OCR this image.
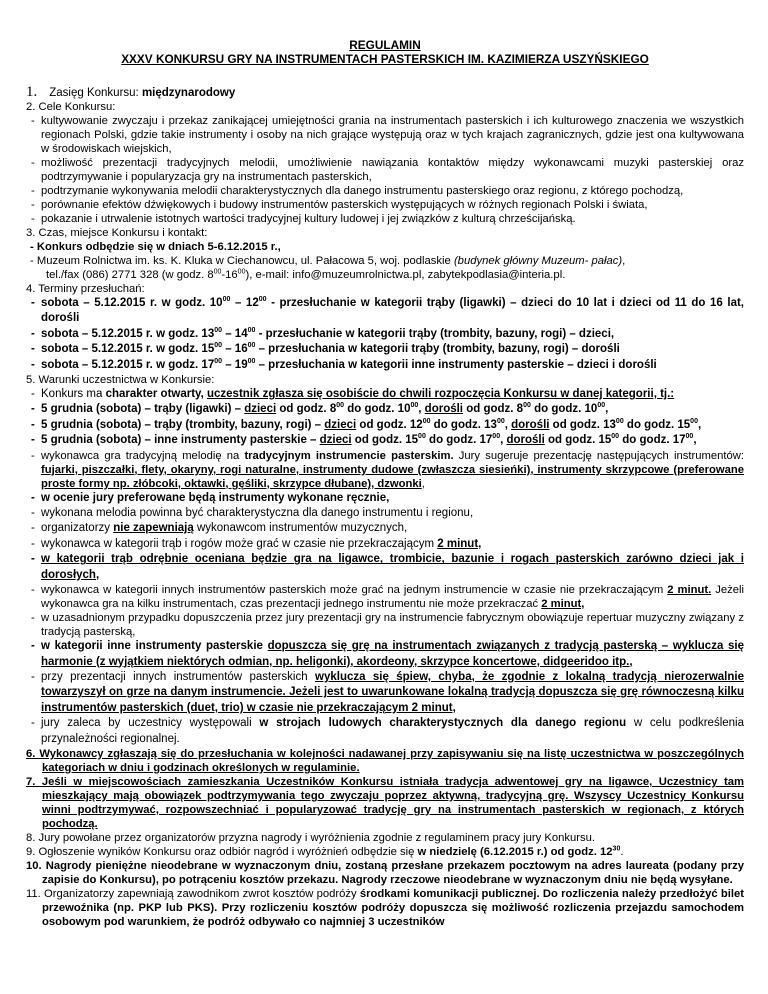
REGULAMIN
XXXV KONKURSU GRY NA INSTRUMENTACH PASTERSKICH IM. KAZIMIERZA USZYŃSKIEGO
1. Zasięg Konkursu: międzynarodowy
2. Cele Konkursu:
- kultywowanie zwyczaju i przekaz zanikającej umiejętności grania na instrumentach pasterskich i ich kulturowego znaczenia we wszystkich regionach Polski, gdzie takie instrumenty i osoby na nich grające występują oraz w tych krajach zagranicznych, gdzie jest ona kultywowana w środowiskach wiejskich,
- możliwość prezentacji tradycyjnych melodii, umożliwienie nawiązania kontaktów między wykonawcami muzyki pasterskiej oraz podtrzymywanie i popularyzacja gry na instrumentach pasterskich,
- podtrzymanie wykonywania melodii charakterystycznych dla danego instrumentu pasterskiego oraz regionu, z którego pochodzą,
- porównanie efektów dźwiękowych i budowy instrumentów pasterskich występujących w różnych regionach Polski i świata,
- pokazanie i utrwalenie istotnych wartości tradycyjnej kultury ludowej i jej związków z kulturą chrześcijańską.
3. Czas, miejsce Konkursu i kontakt:
- Konkurs odbędzie się w dniach 5-6.12.2015 r.,
- Muzeum Rolnictwa im. ks. K. Kluka w Ciechanowcu, ul. Pałacowa 5, woj. podlaskie (budynek główny Muzeum- pałac),
tel./fax (086) 2771 328 (w godz. $8^{00}-16^{00}$), e-mail: info@muzeumrolnictwa.pl, zabytekpodlasia@interia.pl.
4. Terminy przesłuchań:
- sobota – 5.12.2015 r. w godz. $10^{00} - 12^{00}$ - przesłuchanie w kategorii trąby (ligawki) – dzieci do 10 lat i dzieci od 11 do 16 lat, dorośli
- sobota – 5.12.2015 r. w godz. $13^{00} - 14^{00}$ - przesłuchanie w kategorii trąby (trombity, bazuny, rogi) – dzieci,
- sobota – 5.12.2015 r. w godz. $15^{00} - 16^{00}$ – przesłuchania w kategorii trąby (trombity, bazuny, rogi) – dorośli
- sobota – 5.12.2015 r. w godz. $17^{00} - 19^{00}$ – przesłuchania w kategorii inne instrumenty pasterskie – dzieci i dorośli
5. Warunki uczestnictwa w Konkursie:
- Konkurs ma charakter otwarty, uczestnik zgłasza się osobiście do chwili rozpoczęcia Konkursu w danej kategorii, tj.:
- 5 grudnia (sobota) – trąby (ligawki) – dzieci od godz. $8^{00}$ do godz. $10^{00}$, dorośli od godz. $8^{00}$ do godz. $10^{00}$,
- 5 grudnia (sobota) – trąby (trombity, bazuny, rogi) – dzieci od godz. $12^{00}$ do godz. $13^{00}$, dorośli od godz. $13^{00}$ do godz. $15^{00}$,
- 5 grudnia (sobota) – inne instrumenty pasterskie – dzieci od godz. $15^{00}$ do godz. $17^{00}$, dorośli od godz. $15^{00}$ do godz. $17^{00}$,
- wykonawca gra tradycyjną melodię na tradycyjnym instrumencie pasterskim. Jury sugeruje prezentację następujących instrumentów: fujarki, piszczałki, flety, okaryny, rogi naturalne, instrumenty dudowe (zwłaszcza siesieńki), instrumenty skrzypcowe (preferowane proste formy np. złóbcoki, oktawki, gęśliki, skrzypce dłubane), dzwonki,
- w ocenie jury preferowane będą instrumenty wykonane ręcznie,
- wykonana melodia powinna być charakterystyczna dla danego instrumentu i regionu,
- organizatorzy nie zapewniają wykonawcom instrumentów muzycznych,
- wykonawca w kategorii trąb i rogów może grać w czasie nie przekraczającym 2 minut,
- w kategorii trąb odrębnie oceniana będzie gra na ligawce, trombicie, bazunie i rogach pasterskich zarówno dzieci jak i dorosłych,
- wykonawca w kategorii innych instrumentów pasterskich może grać na jednym instrumencie w czasie nie przekraczającym 2 minut. Jeżeli wykonawca gra na kilku instrumentach, czas prezentacji jednego instrumentu nie może przekraczać 2 minut,
- w uzasadnionym przypadku dopuszczenia przez jury prezentacji gry na instrumencie fabrycznym obowiązuje repertuar muzyczny związany z tradycją pasterską,
- w kategorii inne instrumenty pasterskie dopuszcza się grę na instrumentach związanych z tradycją pasterską – wyklucza się harmonie (z wyjątkiem niektórych odmian, np. heligonki), akordeony, skrzypce koncertowe, didgeeridoo itp.,
- przy prezentacji innych instrumentów pasterskich wyklucza się śpiew, chyba, że zgodnie z lokalną tradycją nierozerwalnie towarzyszył on grze na danym instrumencie. Jeżeli jest to uwarunkowane lokalną tradycją dopuszcza się grę równoczesną kilku instrumentów pasterskich (duet, trio) w czasie nie przekraczającym 2 minut,
- jury zaleca by uczestnicy występowali w strojach ludowych charakterystycznych dla danego regionu w celu podkreślenia przynależności regionalnej.
6. Wykonawcy zgłaszają się do przesłuchania w kolejności nadawanej przy zapisywaniu się na listę uczestnictwa w poszczególnych kategoriach w dniu i godzinach określonych w regulaminie.
7. Jeśli w miejscowościach zamieszkania Uczestników Konkursu istniała tradycja adwentowej gry na ligawce, Uczestnicy tam mieszkający mają obowiązek podtrzymywania tego zwyczaju poprzez aktywną, tradycyjną grę. Wszyscy Uczestnicy Konkursu winni podtrzymywać, rozpowszechniać i popularyzować tradycję gry na instrumentach pasterskich w regionach, z których pochodzą.
8. Jury powołane przez organizatorów przyzna nagrody i wyróżnienia zgodnie z regulaminem pracy jury Konkursu.
9. Ogłoszenie wyników Konkursu oraz odbiór nagród i wyróżnień odbędzie się w niedzielę (6.12.2015 r.) od godz. $12^{30}$.
10. Nagrody pieniężne nieodebrane w wyznaczonym dniu, zostaną przesłane przekazem pocztowym na adres laureata (podany przy zapisie do Konkursu), po potrąceniu kosztów przekazu. Nagrody rzeczowe nieodebrane w wyznaczonym dniu nie będą wysyłane.
11. Organizatorzy zapewniają zawodnikom zwrot kosztów podróży środkami komunikacji publicznej. Do rozliczenia należy przedłożyć bilet przewoźnika (np. PKP lub PKS). Przy rozliczeniu kosztów podróży dopuszcza się możliwość rozliczenia przejazdu samochodem osobowym pod warunkiem, że podróż odbywało co najmniej 3 uczestników
